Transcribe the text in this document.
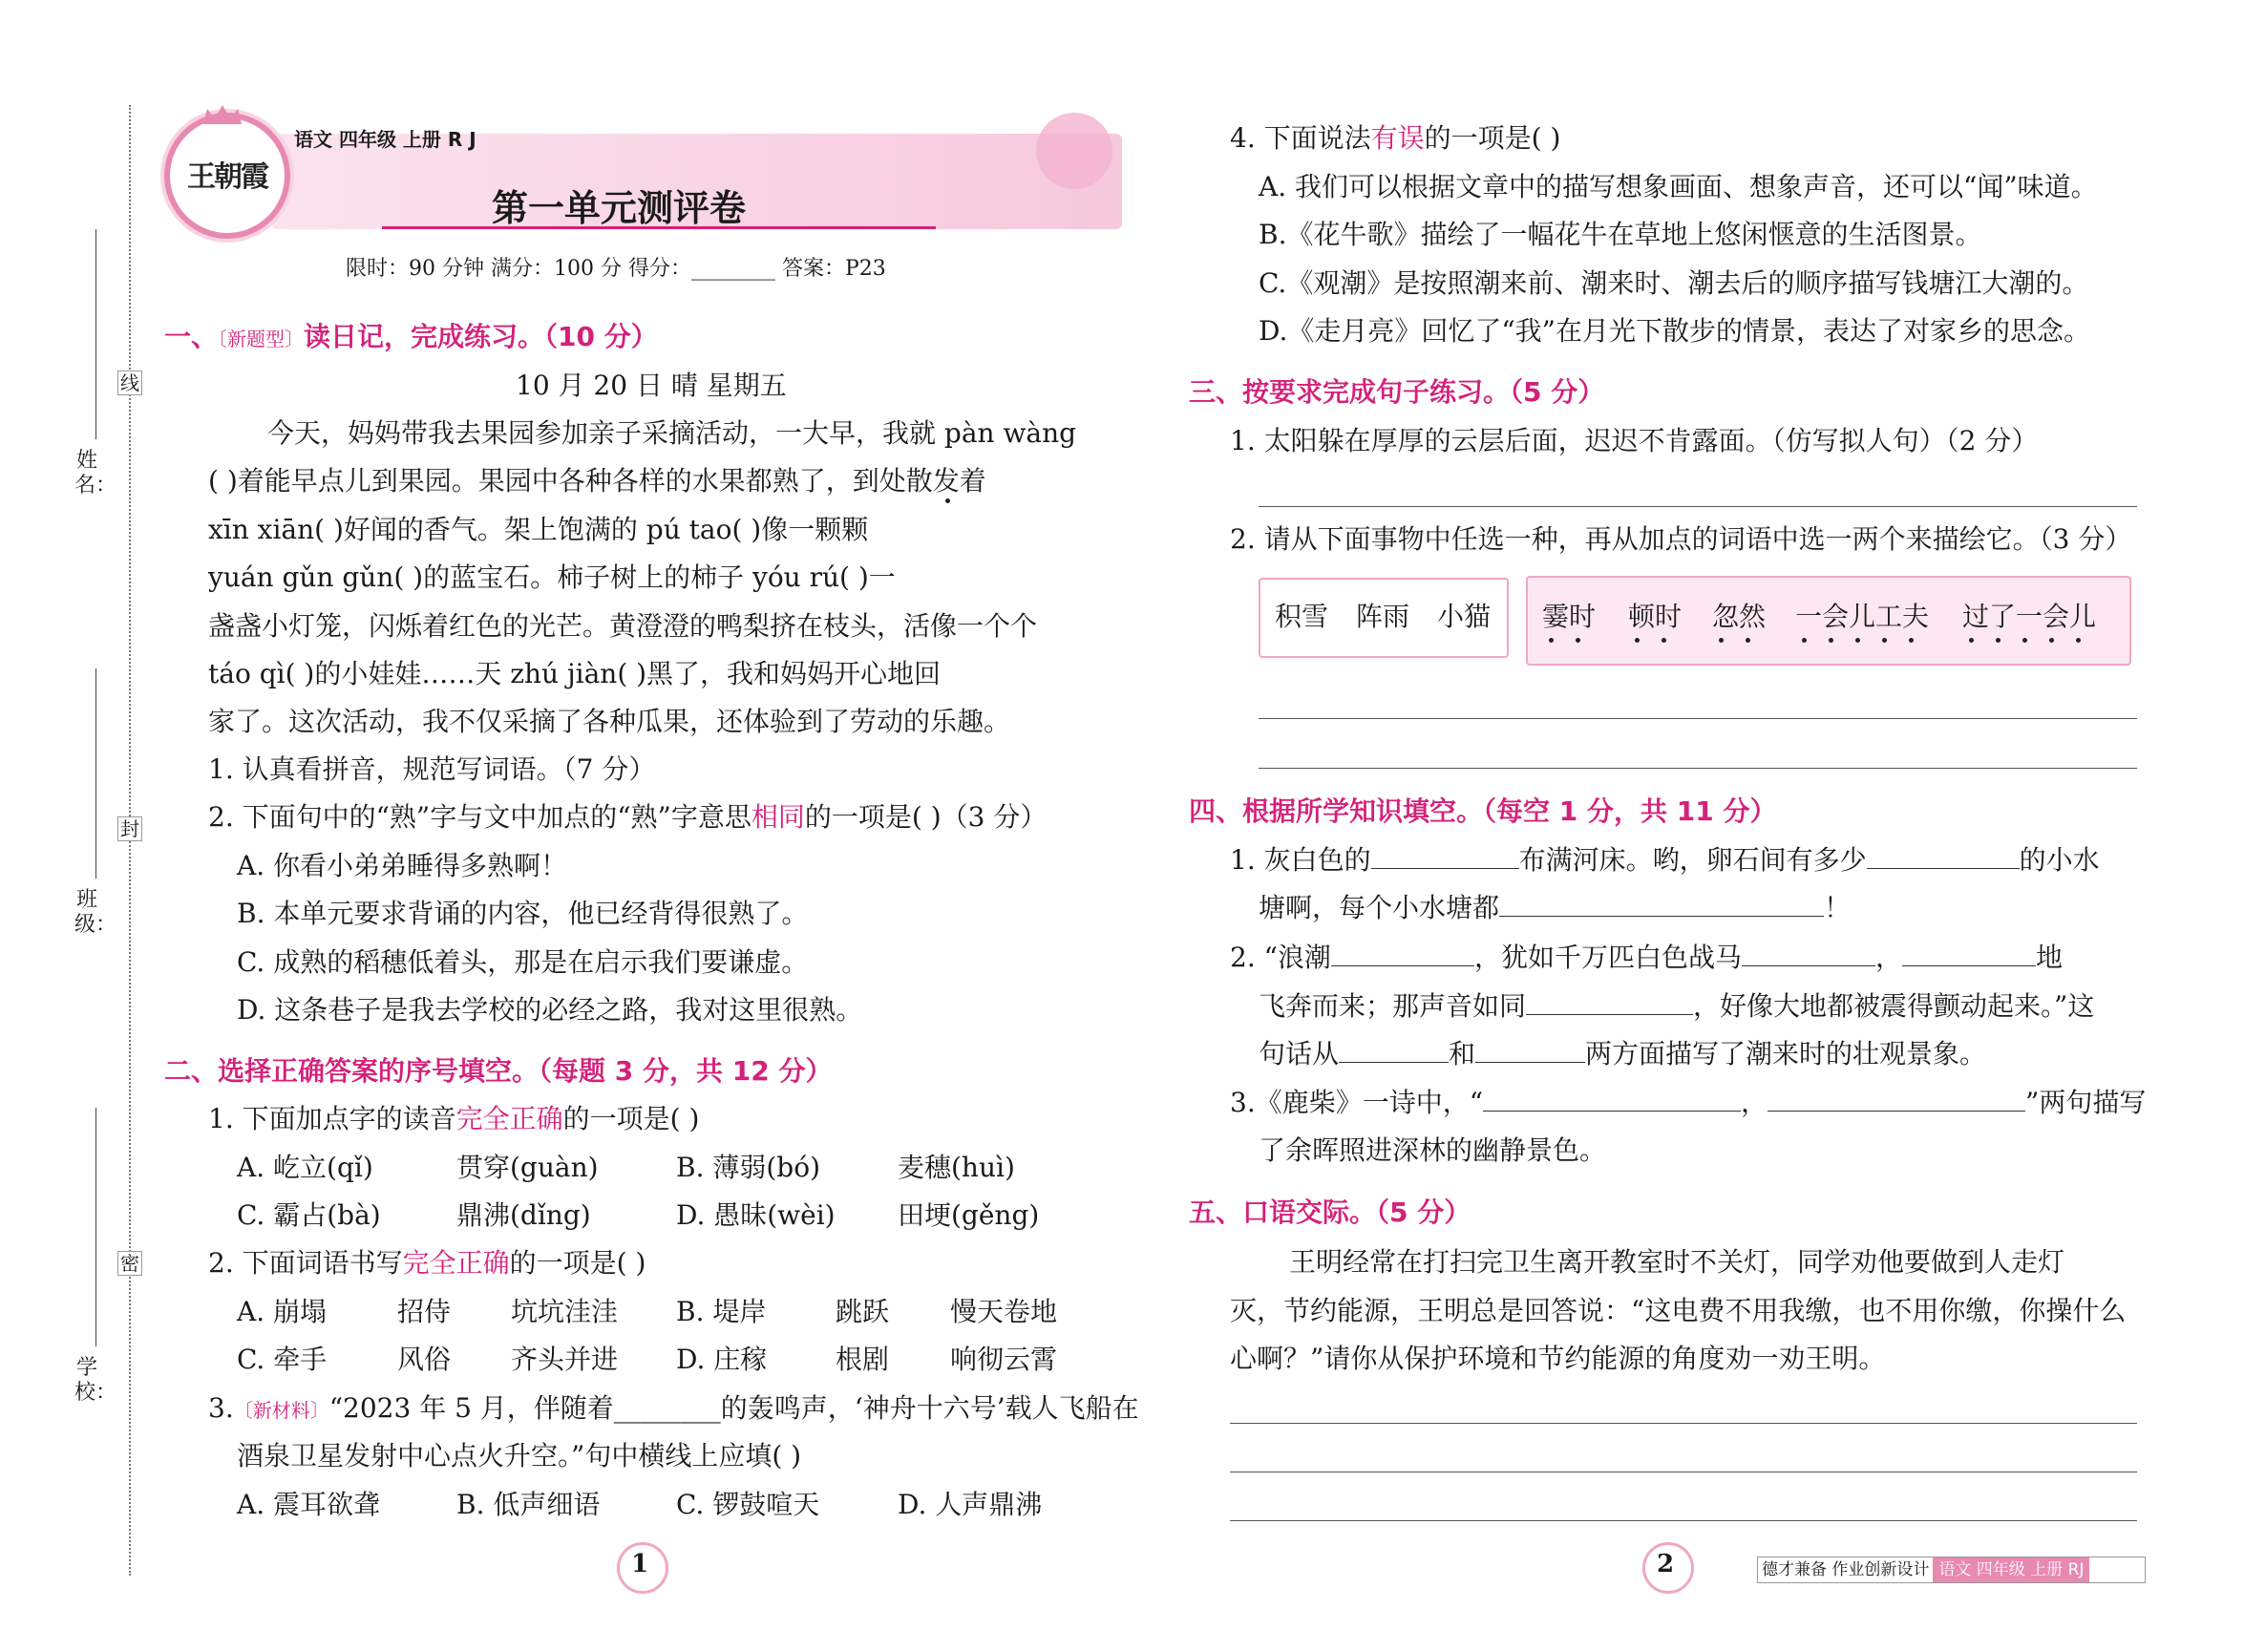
线
封
密
姓 名：
班 级：
学 校：
王朝霞
语文 四年级 上册 R J
第一单元测评卷
限时：90 分钟 满分：100 分 得分：________ 答案：P23
一、〔新题型〕读日记，完成练习。（10 分）
10 月 20 日 晴 星期五
今天，妈妈带我去果园参加亲子采摘活动，一大早，我就 pàn wàng
( )着能早点儿到果园。果园中各种各样的水果都熟了，到处散发着
xīn xiān( )好闻的香气。架上饱满的 pú tao( )像一颗颗
yuán gǔn gǔn( )的蓝宝石。柿子树上的柿子 yóu rú( )一
盏盏小灯笼，闪烁着红色的光芒。黄澄澄的鸭梨挤在枝头，活像一个个
táo qì( )的小娃娃……天 zhú jiàn( )黑了，我和妈妈开心地回
家了。这次活动，我不仅采摘了各种瓜果，还体验到了劳动的乐趣。
1. 认真看拼音，规范写词语。（7 分）
2. 下面句中的“熟”字与文中加点的“熟”字意思相同的一项是( )（3 分）
A. 你看小弟弟睡得多熟啊！
B. 本单元要求背诵的内容，他已经背得很熟了。
C. 成熟的稻穗低着头，那是在启示我们要谦虚。
D. 这条巷子是我去学校的必经之路，我对这里很熟。
二、选择正确答案的序号填空。（每题 3 分，共 12 分）
1. 下面加点字的读音完全正确的一项是( )
A. 屹立(qǐ)	贯穿(guàn)	B. 薄弱(bó)	麦穗(huì)
C. 霸占(bà)	鼎沸(dǐng)	D. 愚昧(wèi) 田埂(gěng)
2. 下面词语书写完全正确的一项是( )
A. 崩塌	招侍 坑坑洼洼 B. 堤岸	跳跃 慢天卷地
C. 牵手	风俗 齐头并进 D. 庄稼	根剧 响彻云霄
3.〔新材料〕“2023 年 5 月，伴随着________的轰鸣声，‘神舟十六号’载人飞船在
酒泉卫星发射中心点火升空。”句中横线上应填( )
A. 震耳欲聋	B. 低声细语	C. 锣鼓喧天	D. 人声鼎沸
1
4. 下面说法有误的一项是( )
A. 我们可以根据文章中的描写想象画面、想象声音，还可以“闻”味道。
B.《花牛歌》描绘了一幅花牛在草地上悠闲惬意的生活图景。
C.《观潮》是按照潮来前、潮来时、潮去后的顺序描写钱塘江大潮的。
D.《走月亮》回忆了“我”在月光下散步的情景，表达了对家乡的思念。
三、按要求完成句子练习。（5 分）
1. 太阳躲在厚厚的云层后面，迟迟不肯露面。（仿写拟人句）（2 分）
2. 请从下面事物中任选一种，再从加点的词语中选一两个来描绘它。（3 分）
积雪 阵雨 小猫 霎时 顿时 忽然 一会儿工夫 过了一会儿
四、根据所学知识填空。（每空 1 分，共 11 分）
1. 灰白色的	布满河床。哟，卵石间有多少	的小水
塘啊，每个小水塘都	！
2. “浪潮	，犹如千万匹白色战马	，	地
飞奔而来；那声音如同	，好像大地都被震得颤动起来。”这
句话从	和	两方面描写了潮来时的壮观景象。
3.《鹿柴》一诗中，“	，	”两句描写
了余晖照进深林的幽静景色。
五、口语交际。（5 分）
王明经常在打扫完卫生离开教室时不关灯，同学劝他要做到人走灯
灭，节约能源，王明总是回答说：“这电费不用我缴，也不用你缴，你操什么
心啊？”请你从保护环境和节约能源的角度劝一劝王明。
2	德才兼备 作业创新设计 语文 四年级 上册 RJ
